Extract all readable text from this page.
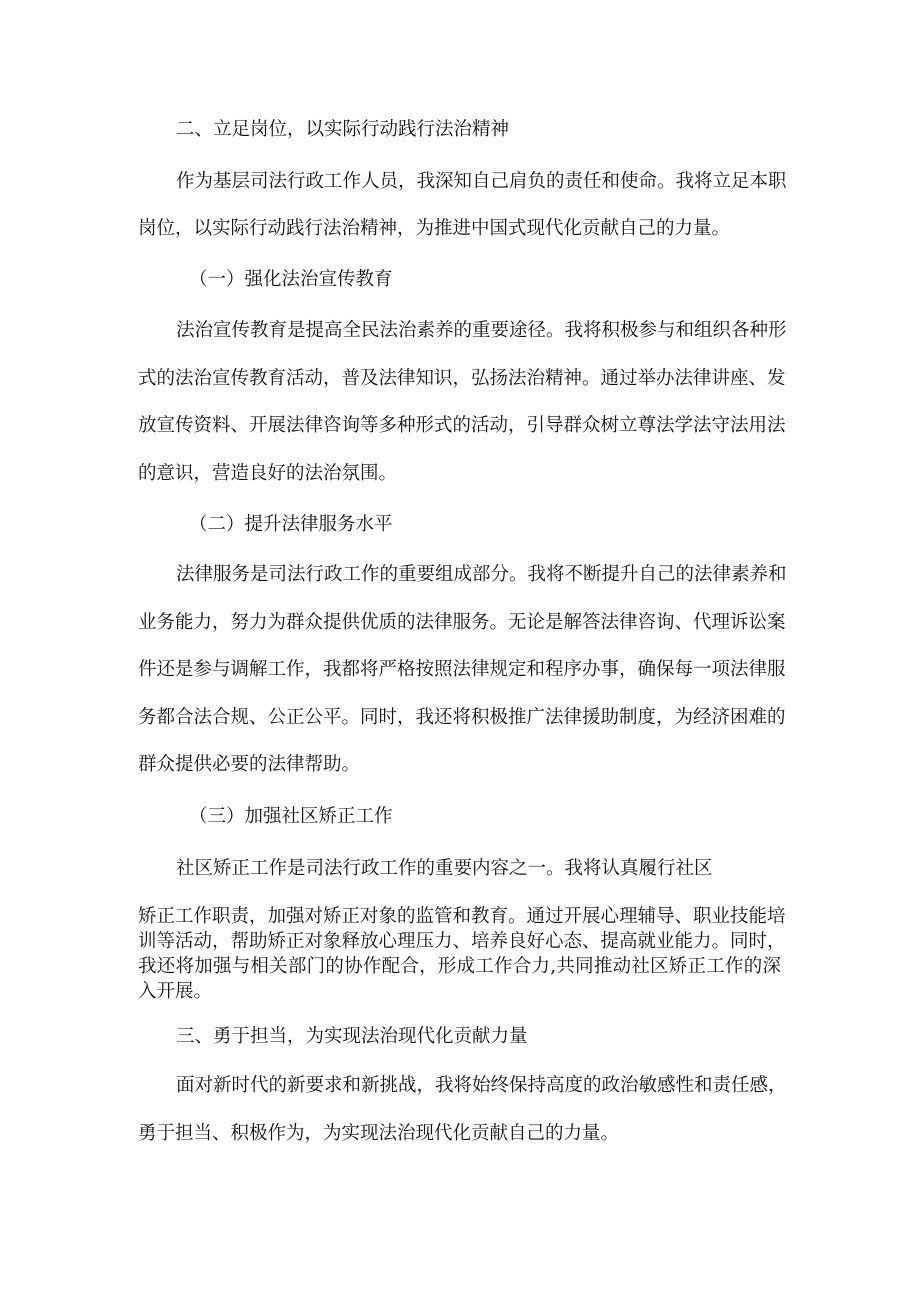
二、立足岗位，以实际行动践行法治精神
作为基层司法行政工作人员，我深知自己肩负的责任和使命。我将立足本职
岗位，以实际行动践行法治精神，为推进中国式现代化贡献自己的力量。
（一）强化法治宣传教育
法治宣传教育是提高全民法治素养的重要途径。我将积极参与和组织各种形
式的法治宣传教育活动，普及法律知识，弘扬法治精神。通过举办法律讲座、发
放宣传资料、开展法律咨询等多种形式的活动，引导群众树立尊法学法守法用法
的意识，营造良好的法治氛围。
（二）提升法律服务水平
法律服务是司法行政工作的重要组成部分。我将不断提升自己的法律素养和
业务能力，努力为群众提供优质的法律服务。无论是解答法律咨询、代理诉讼案
件还是参与调解工作，我都将严格按照法律规定和程序办事，确保每一项法律服
务都合法合规、公正公平。同时，我还将积极推广法律援助制度，为经济困难的
群众提供必要的法律帮助。
（三）加强社区矫正工作
社区矫正工作是司法行政工作的重要内容之一。我将认真履行社区
矫正工作职责，加强对矫正对象的监管和教育。通过开展心理辅导、职业技能培
训等活动，帮助矫正对象释放心理压力、培养良好心态、提高就业能力。同时，
我还将加强与相关部门的协作配合，形成工作合力,共同推动社区矫正工作的深
入开展。
三、勇于担当，为实现法治现代化贡献力量
面对新时代的新要求和新挑战，我将始终保持高度的政治敏感性和责任感，
勇于担当、积极作为，为实现法治现代化贡献自己的力量。
